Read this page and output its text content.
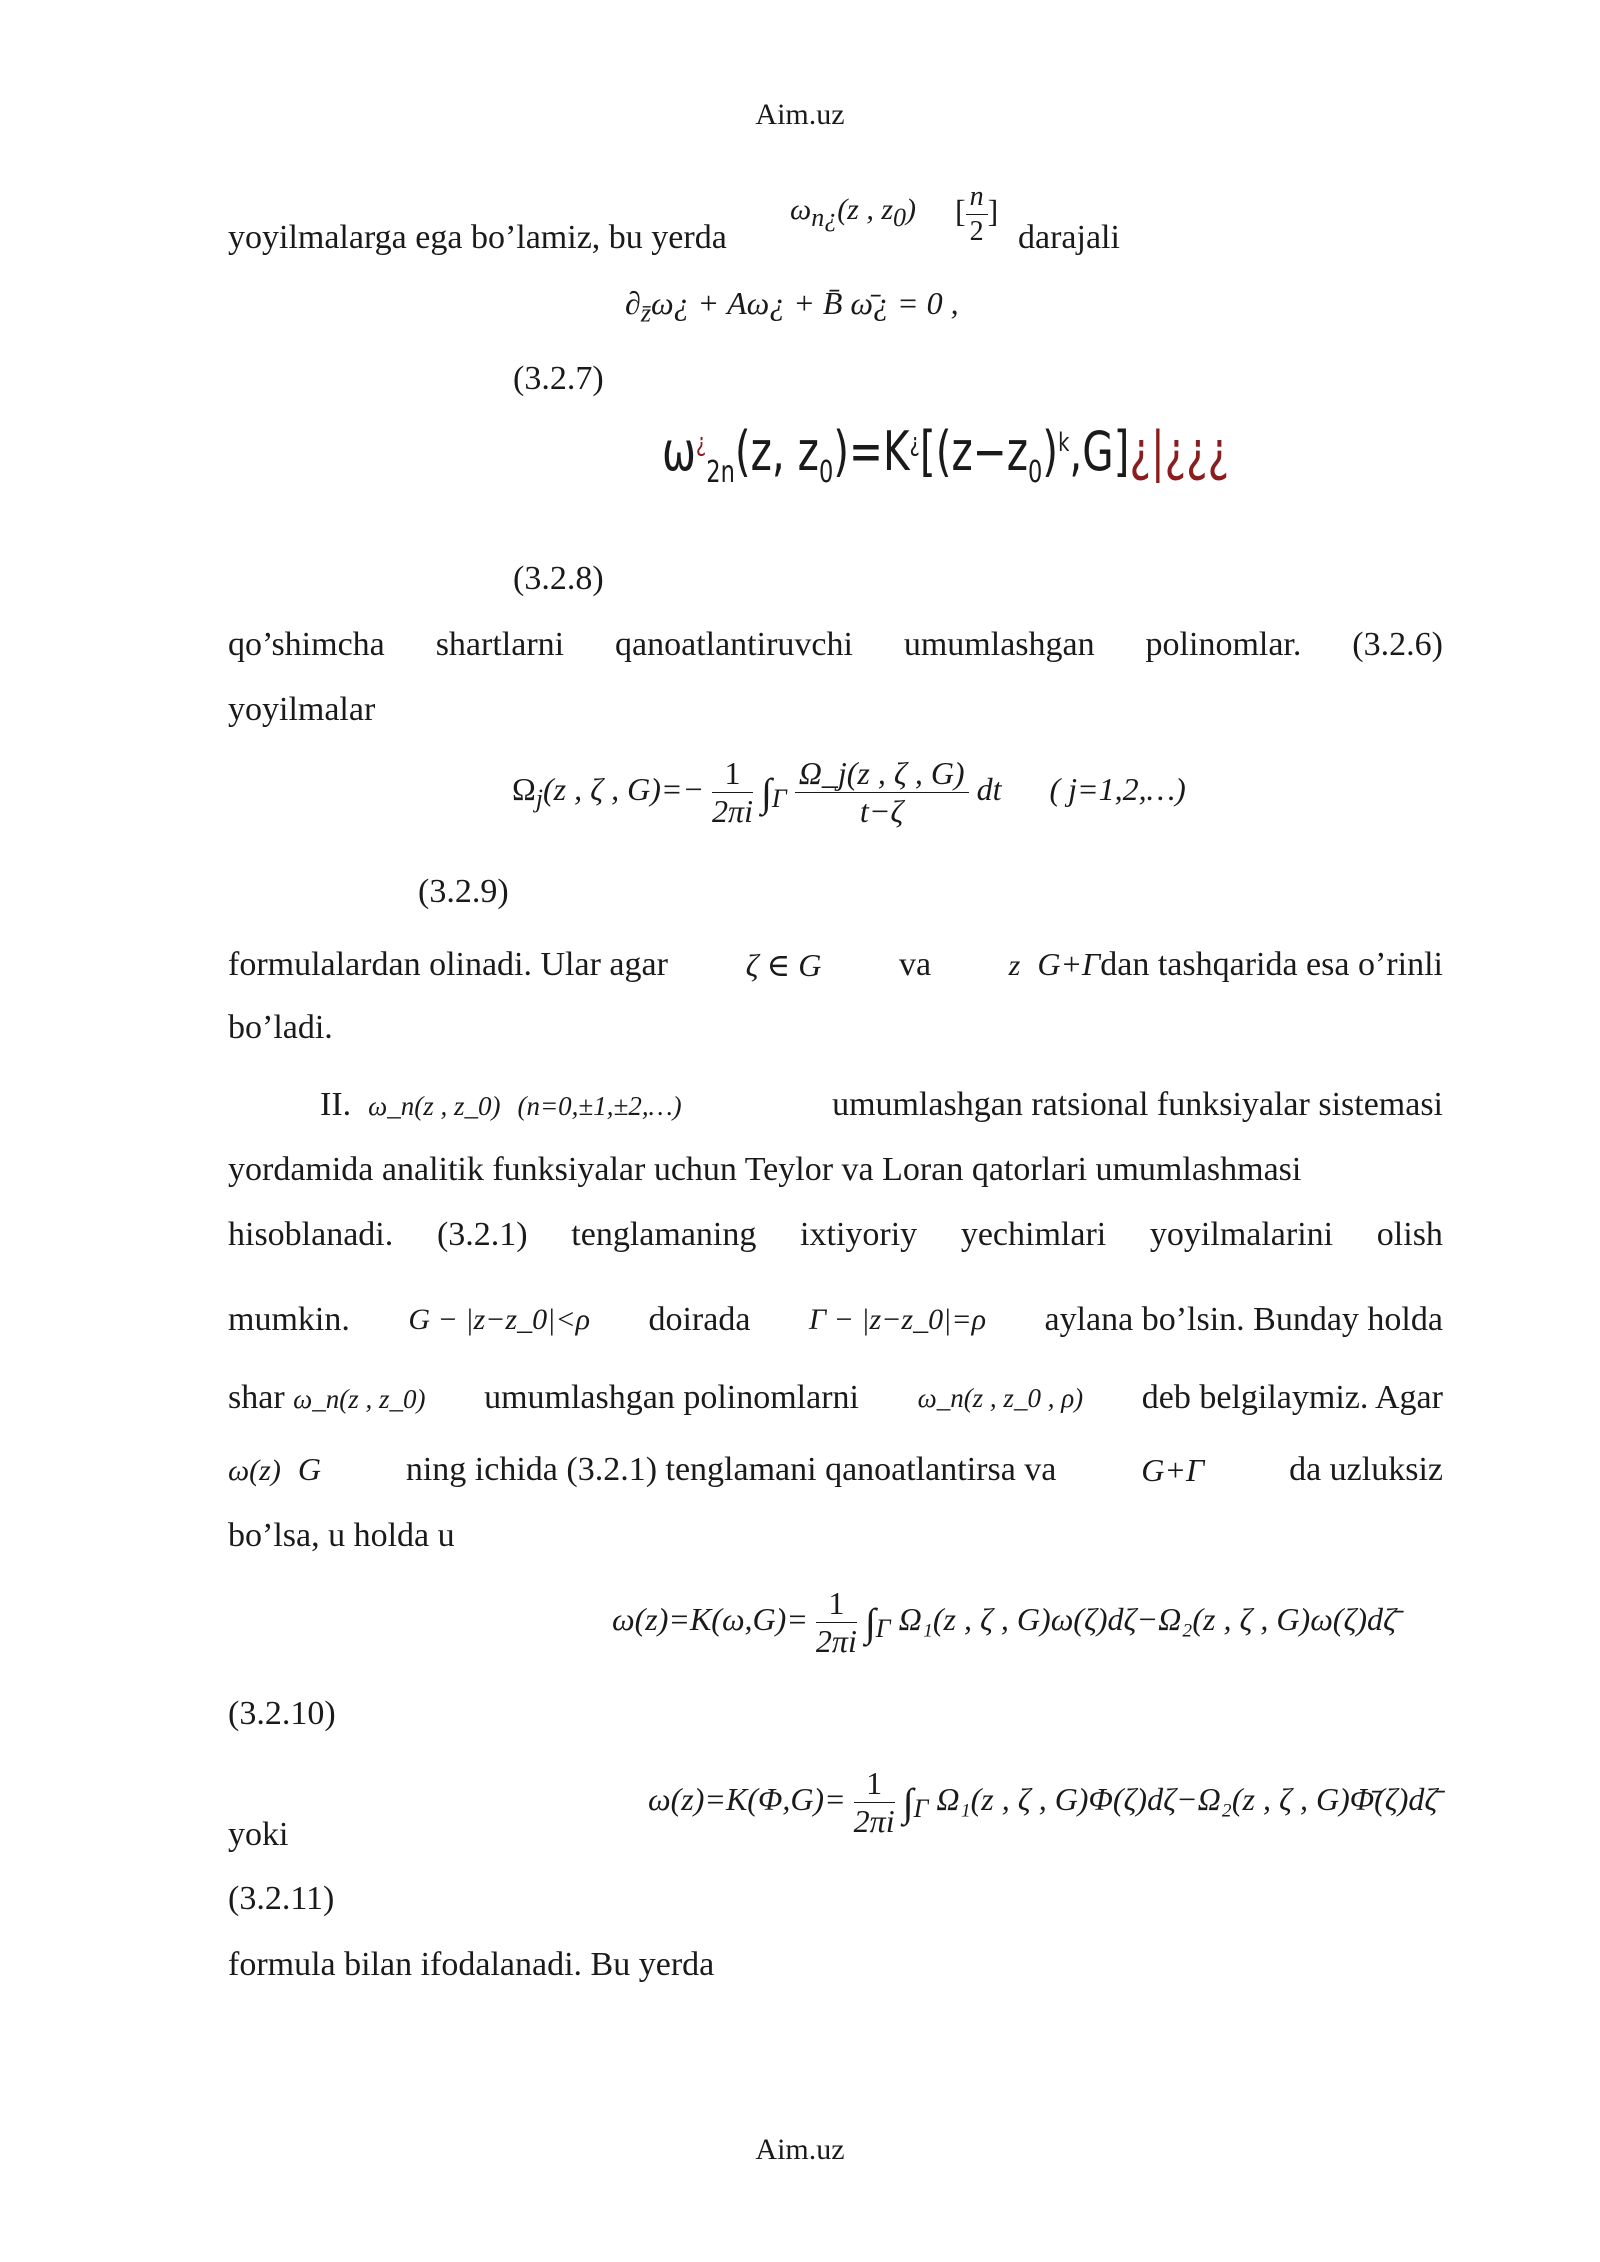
Aim.uz
yoyilmalarga ega bo’lamiz, bu yerda
$\omega_{n¿}(z$ , $z_0$) [ $\frac{n}{2}$ ]
darajali
$\partial_{z̄}\omega¿$ + Aω¿ + B̄ ω̄¿ = 0 ,
(3.2.7)
$\omega^¿_{2n}(z$, $z_0)=K^¿[(z-z_0)^k,G]¿|¿¿¿$
(3.2.8)
qo’shimcha shartlarni qanoatlantiruvchi umumlashgan polinomlar. (3.2.6)
yoyilmalar
$\Omega_j(z$ , ζ , $G)=- \frac{1}{2\pi i} \int_\Gamma \frac{\Omega\_j(z , \zeta , G)}{t-\zeta}$ dt ( j=1,2,…)
(3.2.9)
formulalardan olinadi. Ular agar ζ ∈ G va	z G+Γdan tashqarida esa o’rinli
bo’ladi.
II. ω_n(z , z_0) (n=0,±1,±2,…)	umumlashgan ratsional funksiyalar sistemasi
yordamida analitik funksiyalar uchun Teylor va Loran qatorlari umumlashmasi
hisoblanadi. (3.2.1) tenglamaning ixtiyoriy yechimlari yoyilmalarini olish
mumkin. G − |z−z_0|<ρ doirada Γ − |z−z_0|=ρ aylana bo’lsin. Bunday holda
shar ω_n(z , z_0) umumlashgan polinomlarni ω_n(z , z_0 , ρ) deb belgilaymiz. Agar
ω(z) G ning ichida (3.2.1) tenglamani qanoatlantirsa va	G+Γ da uzluksiz
bo’lsa, u holda u
$\omega(z)=K(\omega,G)= \frac{1}{2\pi i} \int_\Gamma$ Ω₁(z , ζ , G)ω(ζ)dζ−Ω₂(z , ζ , G)ω(ζ)dζ̄
(3.2.10)
$\omega(z)=K(\Phi,G)= \frac{1}{2\pi i} \int_\Gamma$ Ω₁(z , ζ , G)Φ(ζ)dζ−Ω₂(z , ζ , G)Φ̄(ζ)dζ̄
yoki
(3.2.11)
formula bilan ifodalanadi. Bu yerda
Aim.uz
